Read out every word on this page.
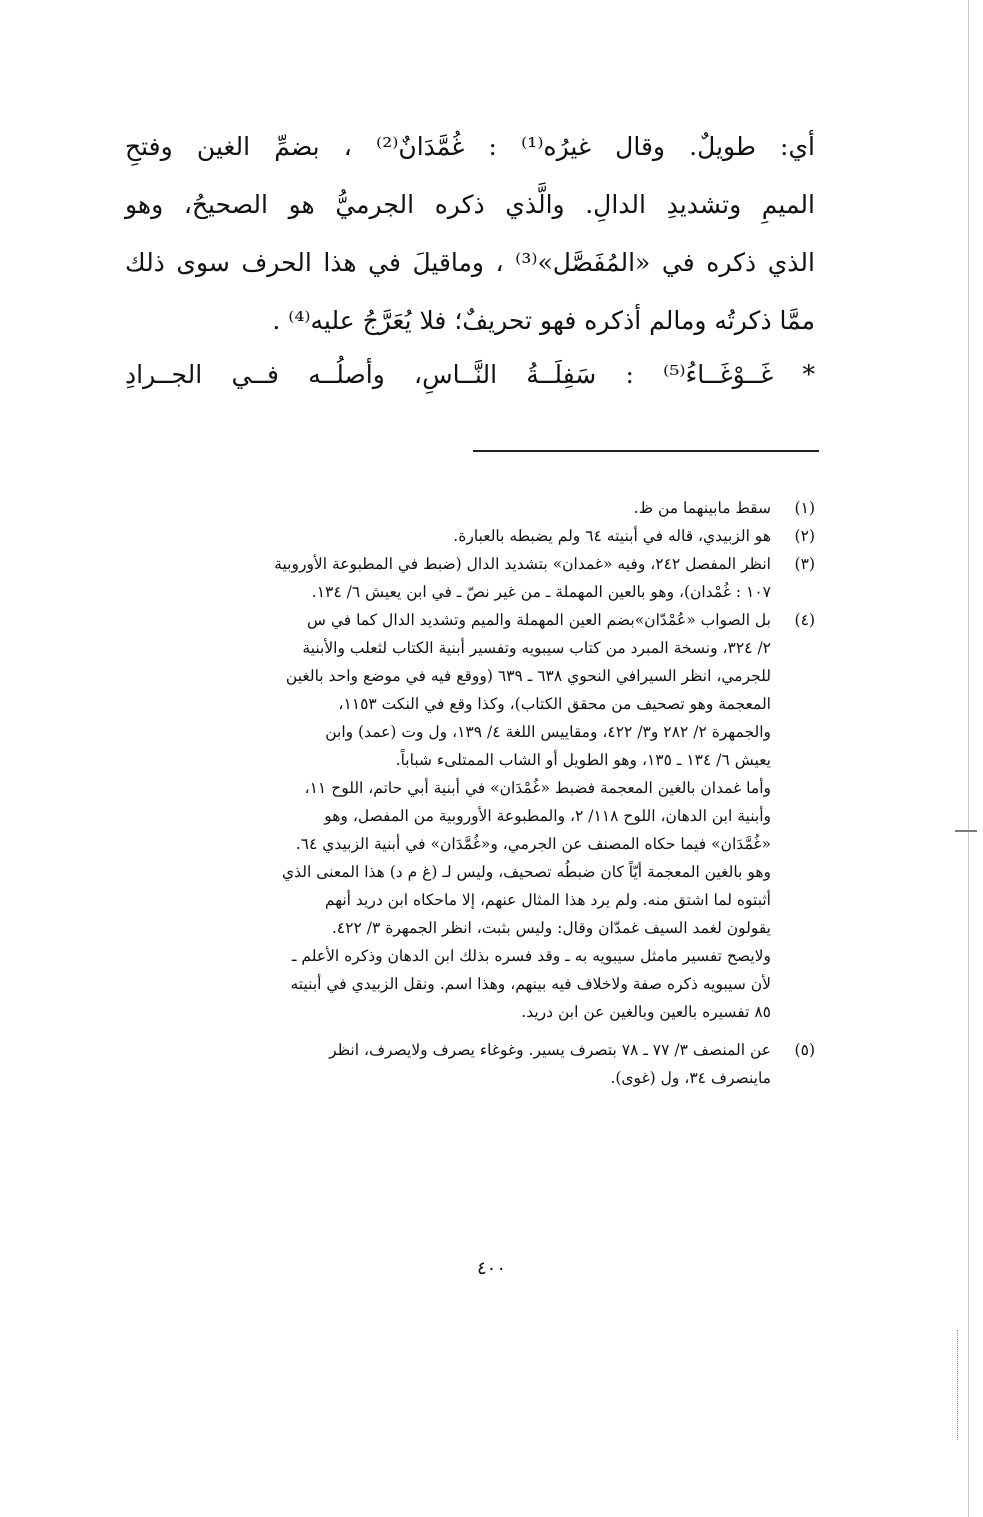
أي: طويلٌ. وقال غيرُه⁽¹⁾ : غُمَّدَانٌ⁽²⁾ ، بضمِّ الغين وفتحِ
الميمِ وتشديدِ الدالِ. والَّذي ذكره الجرميُّ هو الصحيحُ، وهو
الذي ذكره في «المُفَصَّل»⁽³⁾ ، وماقيلَ في هذا الحرف سوى ذلك
ممَّا ذكرتُه ومالم أذكره فهو تحريفٌ؛ فلا يُعَرَّجُ عليه⁽⁴⁾ .
* غَــوْغَــاءُ⁽⁵⁾ : سَفِلَــةُ النَّــاسِ، وأصلُــه فــي الجــرادِ
(١)
سقط مابينهما من ظ.
(٢)
هو الزبيدي، قاله في أبنيته ٦٤ ولم يضبطه بالعبارة.
(٣)
انظر المفصل ٢٤٢، وفيه «غمدان» بتشديد الدال (ضبط في المطبوعة الأوروبية
١٠٧ : غُمْدان)، وهو بالعين المهملة ـ من غير نصّ ـ في ابن يعيش ٦/ ١٣٤.
(٤)
بل الصواب «عُمْدّان»بضم العين المهملة والميم وتشديد الدال كما في س
٢/ ٣٢٤، ونسخة المبرد من كتاب سيبويه وتفسير أبنية الكتاب لثعلب والأبنية
للجرمي، انظر السيرافي النحوي ٦٣٨ ـ ٦٣٩ (ووقع فيه في موضع واحد بالغين
المعجمة وهو تصحيف من محقق الكتاب)، وكذا وقع في النكت ١١٥٣،
والجمهرة ٢/ ٢٨٢ و٣/ ٤٢٢، ومقاييس اللغة ٤/ ١٣٩، ول وت (عمد) وابن
يعيش ٦/ ١٣٤ ـ ١٣٥، وهو الطويل أو الشاب الممتلىء شباباً.
وأما غمدان بالغين المعجمة فضبط «غُمْدَان» في أبنية أبي حاتم، اللوح ١١،
وأبنية ابن الدهان، اللوح ١١٨/ ٢، والمطبوعة الأوروبية من المفصل، وهو
«غُمَّدَان» فيما حكاه المصنف عن الجرمي، و«غُمَّدَان» في أبنية الزبيدي ٦٤.
وهو بالغين المعجمة أيّاً كان ضبطُه تصحيف، وليس لـ (غ م د) هذا المعنى الذي
أثبتوه لما اشتق منه. ولم يرد هذا المثال عنهم، إلا ماحكاه ابن دريد أنهم
يقولون لغمد السيف غمدّان وقال: وليس بثبت، انظر الجمهرة ٣/ ٤٢٢.
ولايصح تفسير مامثل سيبويه به ـ وقد فسره بذلك ابن الدهان وذكره الأعلم ـ
لأن سيبويه ذكره صفة ولاخلاف فيه بينهم، وهذا اسم. ونقل الزبيدي في أبنيته
٨٥ تفسيره بالعين وبالغين عن ابن دريد.
(٥)
عن المنصف ٣/ ٧٧ ـ ٧٨ بتصرف يسير. وغوغاء يصرف ولايصرف، انظر
ماينصرف ٣٤، ول (غوى).
٤٠٠
